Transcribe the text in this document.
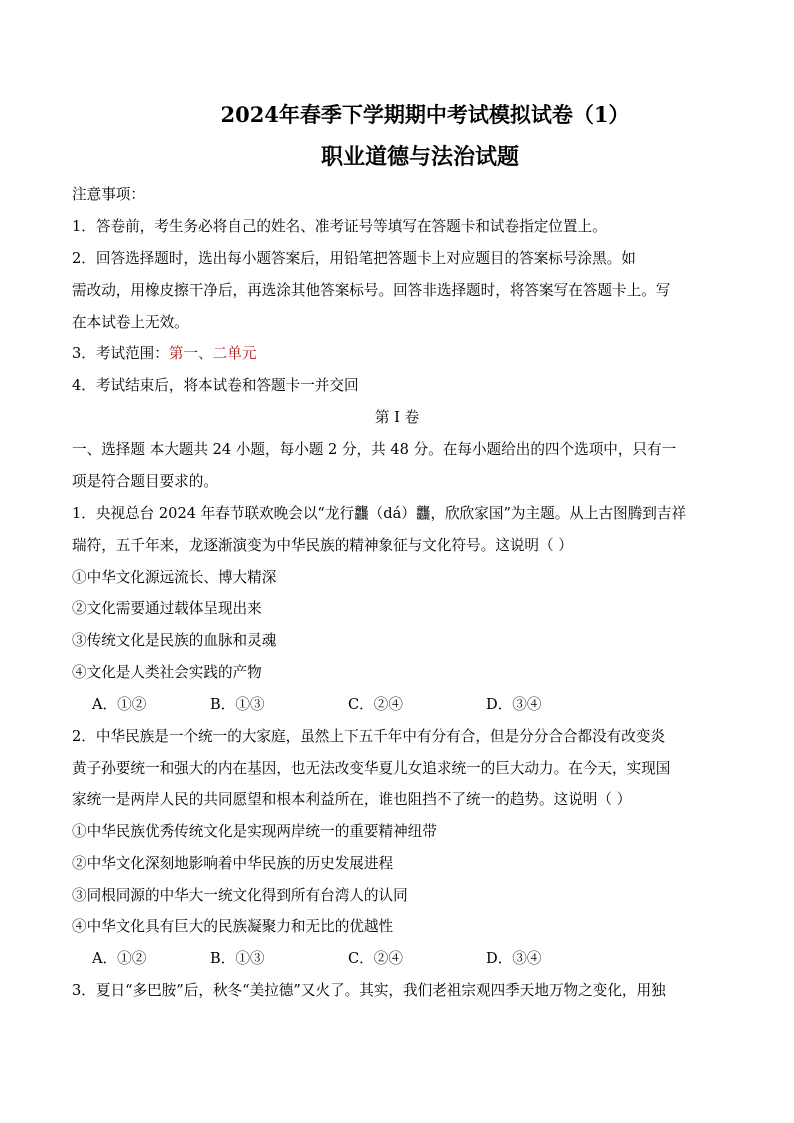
2024年春季下学期期中考试模拟试卷（1）
职业道德与法治试题

注意事项：

1．答卷前，考生务必将自己的姓名、准考证号等填写在答题卡和试卷指定位置上。

2．回答选择题时，选出每小题答案后，用铅笔把答题卡上对应题目的答案标号涂黑。如

需改动，用橡皮擦干净后，再选涂其他答案标号。回答非选择题时，将答案写在答题卡上。写

在本试卷上无效。

3．考试范围：第一、二单元

4．考试结束后，将本试卷和答题卡一并交回

第 I 卷

一、选择题 本大题共 24 小题，每小题 2 分，共 48 分。在每小题给出的四个选项中，只有一

项是符合题目要求的。

1．央视总台 2024 年春节联欢晚会以“龙行龘（dá）龘，欣欣家国”为主题。从上古图腾到吉祥

瑞符，五千年来，龙逐渐演变为中华民族的精神象征与文化符号。这说明（ ）

①中华文化源远流长、博大精深

②文化需要通过载体呈现出来

③传统文化是民族的血脉和灵魂

④文化是人类社会实践的产物

A．①②	B．①③	C．②④	D．③④

2．中华民族是一个统一的大家庭，虽然上下五千年中有分有合，但是分分合合都没有改变炎

黄子孙要统一和强大的内在基因，也无法改变华夏儿女追求统一的巨大动力。在今天，实现国

家统一是两岸人民的共同愿望和根本利益所在，谁也阻挡不了统一的趋势。这说明（ ）

①中华民族优秀传统文化是实现两岸统一的重要精神纽带

②中华文化深刻地影响着中华民族的历史发展进程

③同根同源的中华大一统文化得到所有台湾人的认同

④中华文化具有巨大的民族凝聚力和无比的优越性

A．①②	B．①③	C．②④	D．③④

3．夏日“多巴胺”后，秋冬“美拉德”又火了。其实，我们老祖宗观四季天地万物之变化，用独
